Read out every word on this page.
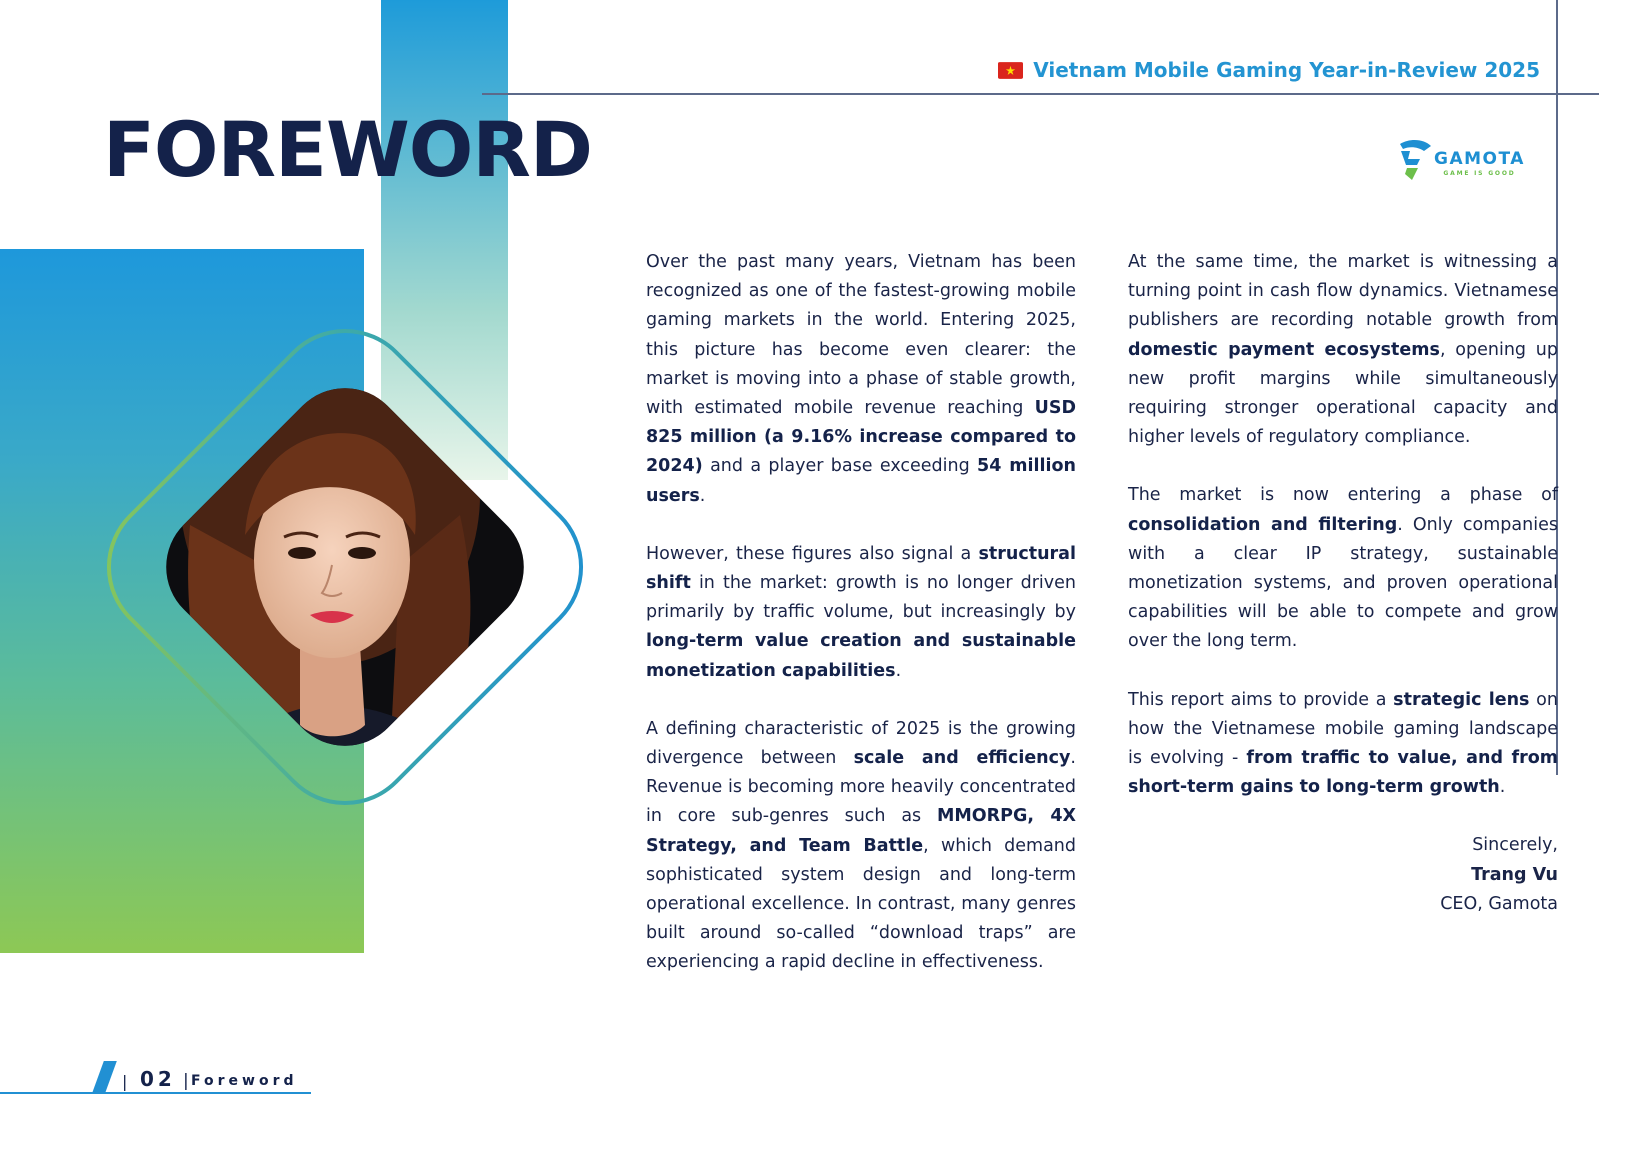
Vietnam Mobile Gaming Year-in-Review 2025
GAMOTA
GAME IS GOOD
FOREWORD

Over the past many years, Vietnam has been recognized as one of the fastest-growing mobile gaming markets in the world. Entering 2025, this picture has become even clearer: the market is moving into a phase of stable growth, with estimated mobile revenue reaching USD 825 million (a 9.16% increase compared to 2024) and a player base exceeding 54 million users.

However, these figures also signal a structural shift in the market: growth is no longer driven primarily by traffic volume, but increasingly by long-term value creation and sustainable monetization capabilities.

A defining characteristic of 2025 is the growing divergence between scale and efficiency. Revenue is becoming more heavily concentrated in core sub-genres such as MMORPG, 4X Strategy, and Team Battle, which demand sophisticated system design and long-term operational excellence. In contrast, many genres built around so-called “download traps” are experiencing a rapid decline in effectiveness.

At the same time, the market is witnessing a turning point in cash flow dynamics. Vietnamese publishers are recording notable growth from domestic payment ecosystems, opening up new profit margins while simultaneously requiring stronger operational capacity and higher levels of regulatory compliance.

The market is now entering a phase of consolidation and filtering. Only companies with a clear IP strategy, sustainable monetization systems, and proven operational capabilities will be able to compete and grow over the long term.

This report aims to provide a strategic lens on how the Vietnamese mobile gaming landscape is evolving - from traffic to value, and from short-term gains to long-term growth.

Sincerely,
Trang Vu
CEO, Gamota
| 02 | Foreword
